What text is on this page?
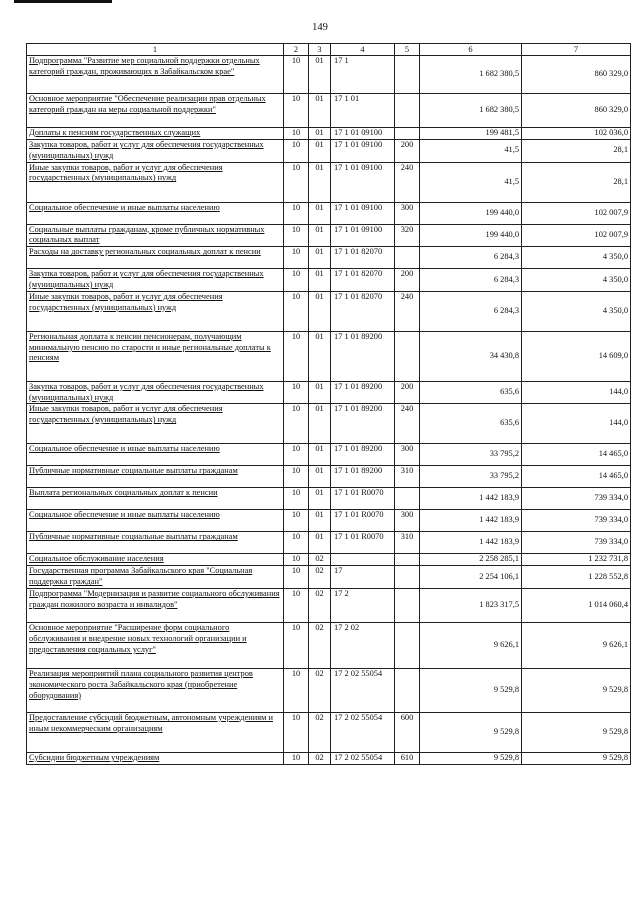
149
1	2	3	4	5	6	7
Подпрограмма "Развитие мер социальной поддержки отдельных категорий граждан, проживающих в Забайкальском крае"	10	01	17 1		1 682 380,5	860 329,0
Основное мероприятие "Обеспечение реализации прав отдельных категорий граждан на меры социальной поддержки"	10	01	17 1 01		1 682 380,5	860 329,0
Доплаты к пенсиям государственных служащих	10	01	17 1 01 09100		199 481,5	102 036,0
Закупка товаров, работ и услуг для обеспечения государственных (муниципальных) нужд	10	01	17 1 01 09100	200	41,5	28,1
Иные закупки товаров, работ и услуг для обеспечения государственных (муниципальных) нужд	10	01	17 1 01 09100	240	41,5	28,1
Социальное обеспечение и иные выплаты населению	10	01	17 1 01 09100	300	199 440,0	102 007,9
Социальные выплаты гражданам, кроме публичных нормативных социальных выплат	10	01	17 1 01 09100	320	199 440,0	102 007,9
Расходы на доставку региональных социальных доплат к пенсии	10	01	17 1 01 82070		6 284,3	4 350,0
Закупка товаров, работ и услуг для обеспечения государственных (муниципальных) нужд	10	01	17 1 01 82070	200	6 284,3	4 350,0
Иные закупки товаров, работ и услуг для обеспечения государственных (муниципальных) нужд	10	01	17 1 01 82070	240	6 284,3	4 350,0
Региональная доплата к пенсии пенсионерам, получающим минимальную пенсию по старости и иные региональные доплаты к пенсиям	10	01	17 1 01 89200		34 430,8	14 609,0
Закупка товаров, работ и услуг для обеспечения государственных (муниципальных) нужд	10	01	17 1 01 89200	200	635,6	144,0
Иные закупки товаров, работ и услуг для обеспечения государственных (муниципальных) нужд	10	01	17 1 01 89200	240	635,6	144,0
Социальное обеспечение и иные выплаты населению	10	01	17 1 01 89200	300	33 795,2	14 465,0
Публичные нормативные социальные выплаты гражданам	10	01	17 1 01 89200	310	33 795,2	14 465,0
Выплата региональных социальных доплат к пенсии	10	01	17 1 01 R0070		1 442 183,9	739 334,0
Социальное обеспечение и иные выплаты населению	10	01	17 1 01 R0070	300	1 442 183,9	739 334,0
Публичные нормативные социальные выплаты гражданам	10	01	17 1 01 R0070	310	1 442 183,9	739 334,0
Социальное обслуживание населения	10	02			2 258 285,1	1 232 731,8
Государственная программа Забайкальского края "Социальная поддержка граждан"	10	02	17		2 254 106,1	1 228 552,8
Подпрограмма "Модернизация и развитие социального обслуживания граждан пожилого возраста и инвалидов"	10	02	17 2		1 823 317,5	1 014 060,4
Основное мероприятие "Расширение форм социального обслуживания и внедрение новых технологий организации и предоставления социальных услуг"	10	02	17 2 02		9 626,1	9 626,1
Реализация мероприятий плана социального развития центров экономического роста Забайкальского края (приобретение оборудования)	10	02	17 2 02 55054		9 529,8	9 529,8
Предоставление субсидий бюджетным, автономным учреждениям и иным некоммерческим организациям	10	02	17 2 02 55054	600	9 529,8	9 529,8
Субсидии бюджетным учреждениям	10	02	17 2 02 55054	610	9 529,8	9 529,8
